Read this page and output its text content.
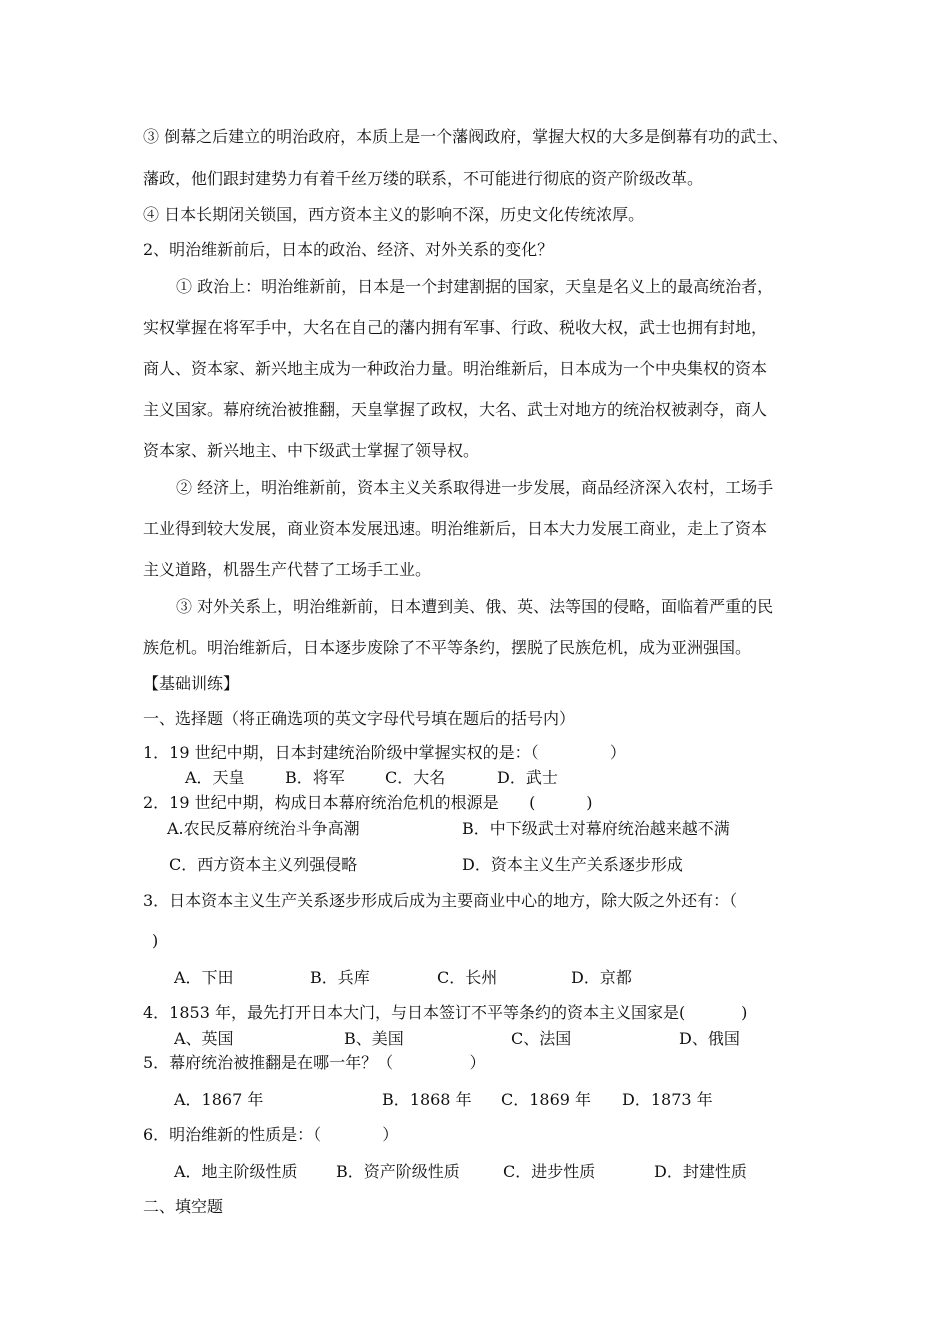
③ 倒幕之后建立的明治政府，本质上是一个藩阀政府，掌握大权的大多是倒幕有功的武士、
藩政，他们跟封建势力有着千丝万缕的联系，不可能进行彻底的资产阶级改革。
④ 日本长期闭关锁国，西方资本主义的影响不深，历史文化传统浓厚。
2、明治维新前后，日本的政治、经济、对外关系的变化？
① 政治上：明治维新前，日本是一个封建割据的国家，天皇是名义上的最高统治者，
实权掌握在将军手中，大名在自己的藩内拥有军事、行政、税收大权，武士也拥有封地，
商人、资本家、新兴地主成为一种政治力量。明治维新后，日本成为一个中央集权的资本
主义国家。幕府统治被推翻，天皇掌握了政权，大名、武士对地方的统治权被剥夺，商人
资本家、新兴地主、中下级武士掌握了领导权。
② 经济上，明治维新前，资本主义关系取得进一步发展，商品经济深入农村，工场手
工业得到较大发展，商业资本发展迅速。明治维新后，日本大力发展工商业，走上了资本
主义道路，机器生产代替了工场手工业。
③ 对外关系上，明治维新前，日本遭到美、俄、英、法等国的侵略，面临着严重的民
族危机。明治维新后，日本逐步废除了不平等条约，摆脱了民族危机，成为亚洲强国。
【基础训练】
一、选择题（将正确选项的英文字母代号填在题后的括号内）
1．19 世纪中期，日本封建统治阶级中掌握实权的是：（              ）
A．天皇	B．将军	C．大名	D．武士
2．19 世纪中期，构成日本幕府统治危机的根源是      (          )
A.农民反幕府统治斗争高潮	B．中下级武士对幕府统治越来越不满
C．西方资本主义列强侵略	D．资本主义生产关系逐步形成
3．日本资本主义生产关系逐步形成后成为主要商业中心的地方，除大阪之外还有：（
)
A．下田	B．兵库	C．长州	D．京都
4．1853 年，最先打开日本大门，与日本签订不平等条约的资本主义国家是(           )
A、英国	B、美国	C、法国	D、俄国
5．幕府统治被推翻是在哪一年？（               ）
A．1867 年	B．1868 年 C．1869 年 D．1873 年
6．明治维新的性质是：（            ）
A．地主阶级性质 B．资产阶级性质	C．进步性质	D．封建性质
二、填空题
